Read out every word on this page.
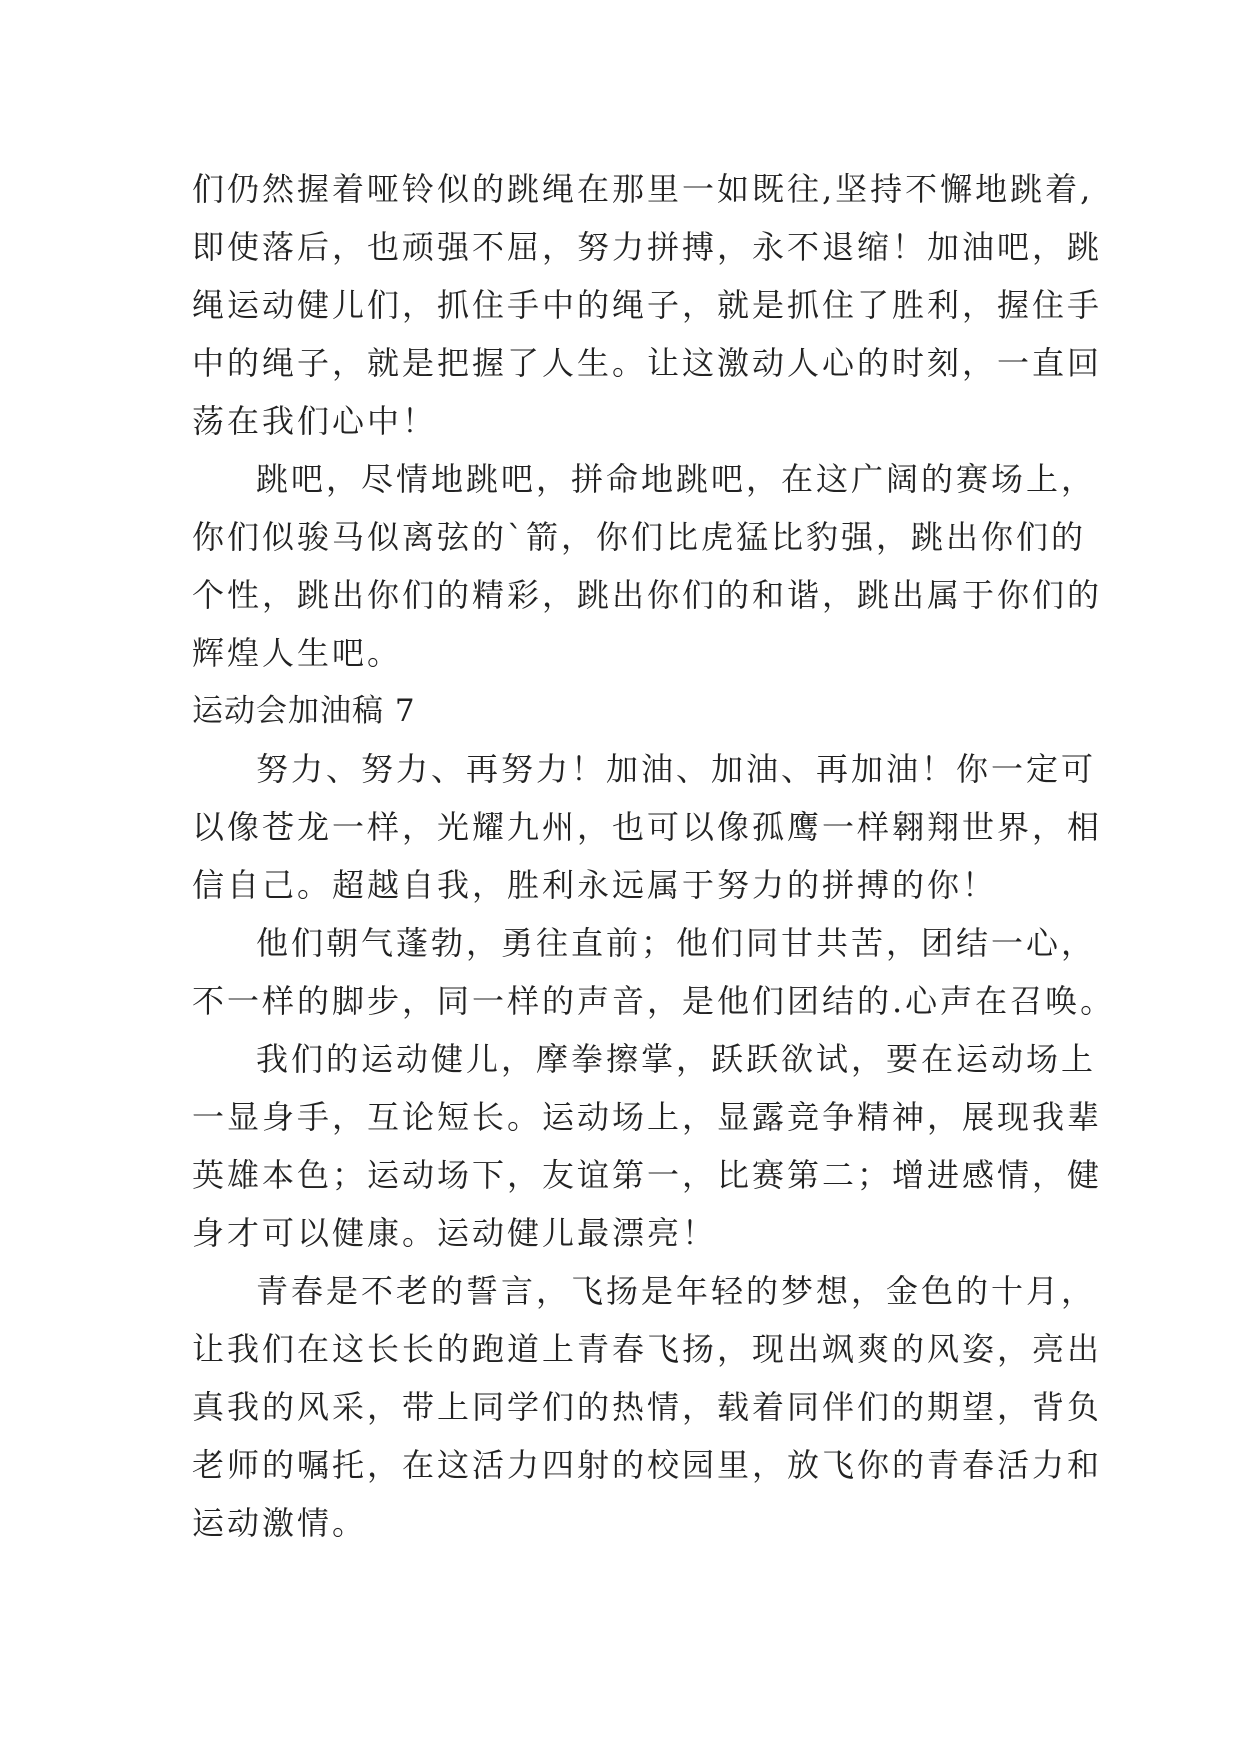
们仍然握着哑铃似的跳绳在那里一如既往,坚持不懈地跳着,
即使落后，也顽强不屈，努力拼搏，永不退缩！加油吧，跳
绳运动健儿们，抓住手中的绳子，就是抓住了胜利，握住手
中的绳子，就是把握了人生。让这激动人心的时刻，一直回
荡在我们心中！
跳吧，尽情地跳吧，拼命地跳吧，在这广阔的赛场上，
你们似骏马似离弦的`箭，你们比虎猛比豹强，跳出你们的
个性，跳出你们的精彩，跳出你们的和谐，跳出属于你们的
辉煌人生吧。
运动会加油稿 7
努力、努力、再努力！加油、加油、再加油！你一定可
以像苍龙一样，光耀九州，也可以像孤鹰一样翱翔世界，相
信自己。超越自我，胜利永远属于努力的拼搏的你！
他们朝气蓬勃，勇往直前；他们同甘共苦，团结一心，
不一样的脚步，同一样的声音，是他们团结的.心声在召唤。
我们的运动健儿，摩拳擦掌，跃跃欲试，要在运动场上
一显身手，互论短长。运动场上，显露竞争精神，展现我辈
英雄本色；运动场下，友谊第一，比赛第二；增进感情，健
身才可以健康。运动健儿最漂亮！
青春是不老的誓言，飞扬是年轻的梦想，金色的十月，
让我们在这长长的跑道上青春飞扬，现出飒爽的风姿，亮出
真我的风采，带上同学们的热情，载着同伴们的期望，背负
老师的嘱托，在这活力四射的校园里，放飞你的青春活力和
运动激情。
